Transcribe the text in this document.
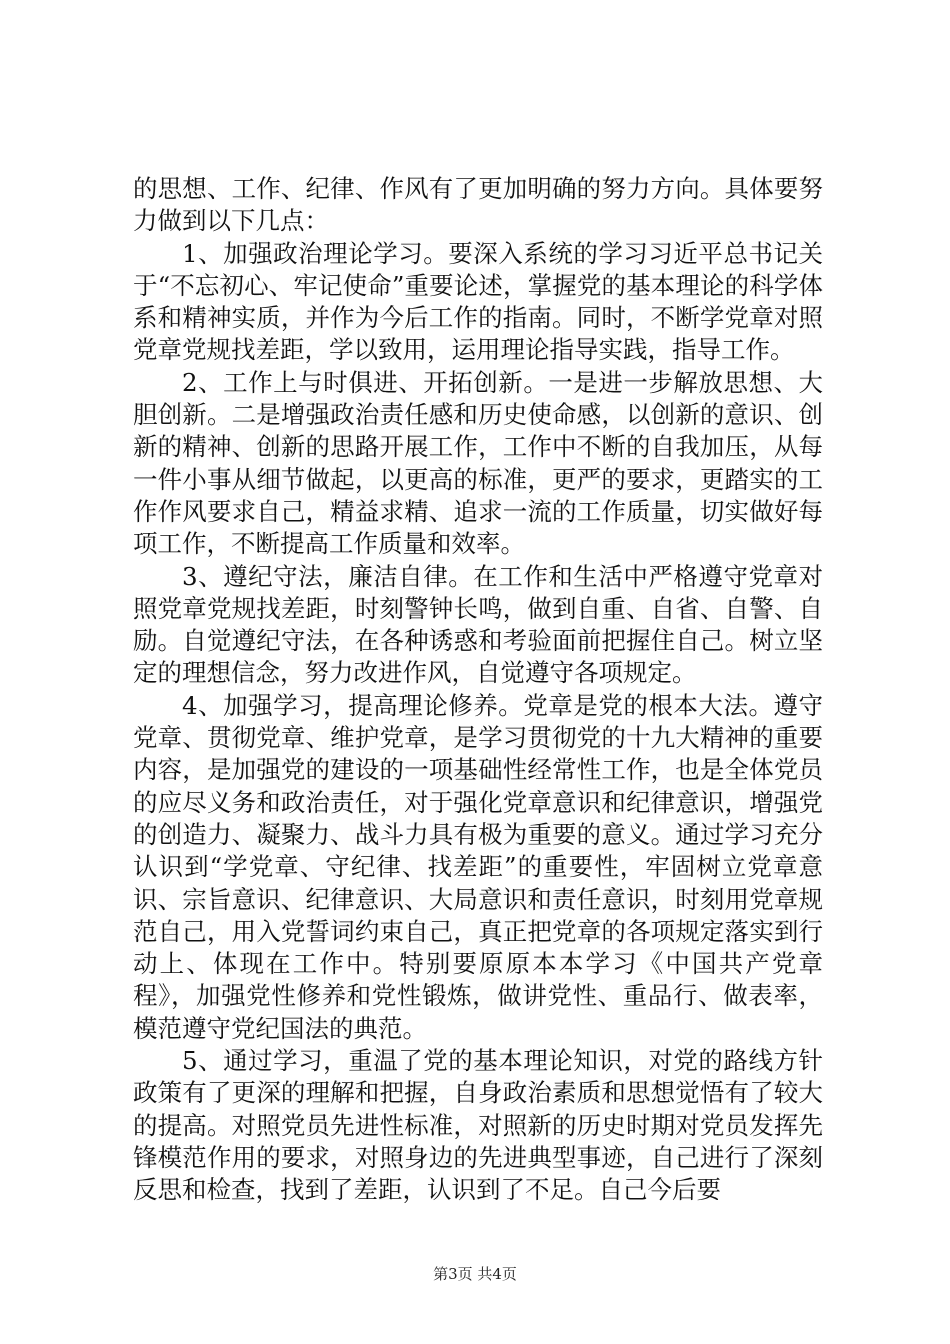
的思想、工作、纪律、作风有了更加明确的努力方向。具体要努力做到以下几点：

1、加强政治理论学习。要深入系统的学习习近平总书记关于“不忘初心、牢记使命”重要论述，掌握党的基本理论的科学体系和精神实质，并作为今后工作的指南。同时，不断学党章对照党章党规找差距，学以致用，运用理论指导实践，指导工作。

2、工作上与时俱进、开拓创新。一是进一步解放思想、大胆创新。二是增强政治责任感和历史使命感，以创新的意识、创新的精神、创新的思路开展工作，工作中不断的自我加压，从每一件小事从细节做起，以更高的标准，更严的要求，更踏实的工作作风要求自己，精益求精、追求一流的工作质量，切实做好每项工作，不断提高工作质量和效率。

3、遵纪守法，廉洁自律。在工作和生活中严格遵守党章对照党章党规找差距，时刻警钟长鸣，做到自重、自省、自警、自励。自觉遵纪守法，在各种诱惑和考验面前把握住自己。树立坚定的理想信念，努力改进作风，自觉遵守各项规定。

4、加强学习，提高理论修养。党章是党的根本大法。遵守党章、贯彻党章、维护党章，是学习贯彻党的十九大精神的重要内容，是加强党的建设的一项基础性经常性工作，也是全体党员的应尽义务和政治责任，对于强化党章意识和纪律意识，增强党的创造力、凝聚力、战斗力具有极为重要的意义。通过学习充分认识到“学党章、守纪律、找差距”的重要性，牢固树立党章意识、宗旨意识、纪律意识、大局意识和责任意识，时刻用党章规范自己，用入党誓词约束自己，真正把党章的各项规定落实到行动上、体现在工作中。特别要原原本本学习《中国共产党章程》，加强党性修养和党性锻炼，做讲党性、重品行、做表率，模范遵守党纪国法的典范。

5、通过学习，重温了党的基本理论知识，对党的路线方针政策有了更深的理解和把握，自身政治素质和思想觉悟有了较大的提高。对照党员先进性标准，对照新的历史时期对党员发挥先锋模范作用的要求，对照身边的先进典型事迹，自己进行了深刻反思和检查，找到了差距，认识到了不足。自己今后要

第3页 共4页
